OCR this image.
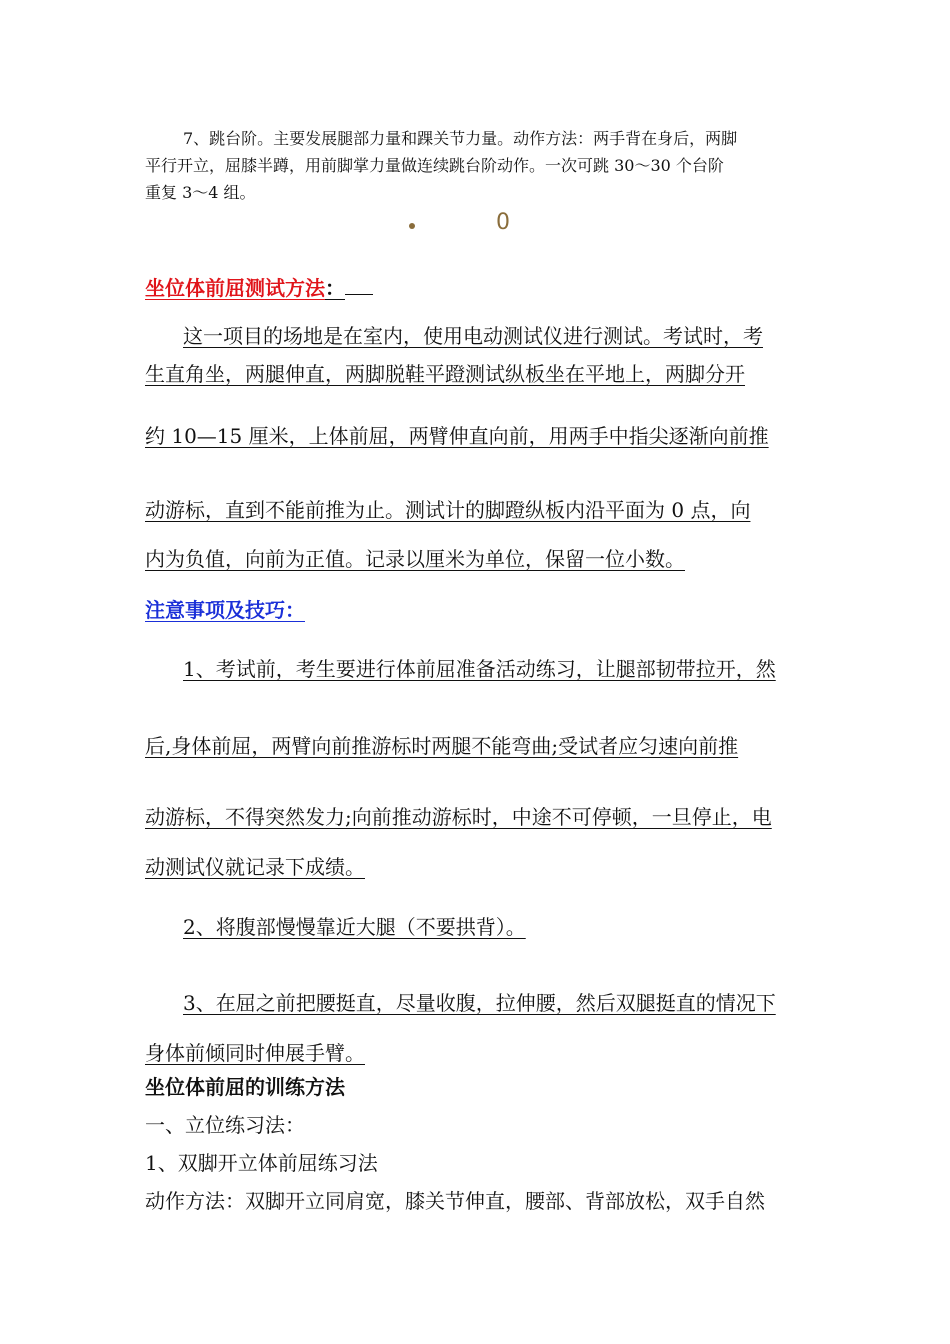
7、跳台阶。主要发展腿部力量和踝关节力量。动作方法：两手背在身后，两脚
平行开立，屈膝半蹲，用前脚掌力量做连续跳台阶动作。一次可跳 30～30 个台阶
重复 3～4 组。
0
坐位体前屈测试方法：
这一项目的场地是在室内，使用电动测试仪进行测试。考试时，考
生直角坐，两腿伸直，两脚脱鞋平蹬测试纵板坐在平地上，两脚分开
约 10—15 厘米，上体前屈，两臂伸直向前，用两手中指尖逐渐向前推
动游标，直到不能前推为止。测试计的脚蹬纵板内沿平面为 0 点，向
内为负值，向前为正值。记录以厘米为单位，保留一位小数。
注意事项及技巧：
1、考试前，考生要进行体前屈准备活动练习，让腿部韧带拉开，然
后,身体前屈，两臂向前推游标时两腿不能弯曲;受试者应匀速向前推
动游标，不得突然发力;向前推动游标时，中途不可停顿，一旦停止，电
动测试仪就记录下成绩。
2、将腹部慢慢靠近大腿（不要拱背）。
3、在屈之前把腰挺直，尽量收腹，拉伸腰，然后双腿挺直的情况下
身体前倾同时伸展手臂。
坐位体前屈的训练方法
一、立位练习法：
1、双脚开立体前屈练习法
动作方法：双脚开立同肩宽，膝关节伸直，腰部、背部放松，双手自然
